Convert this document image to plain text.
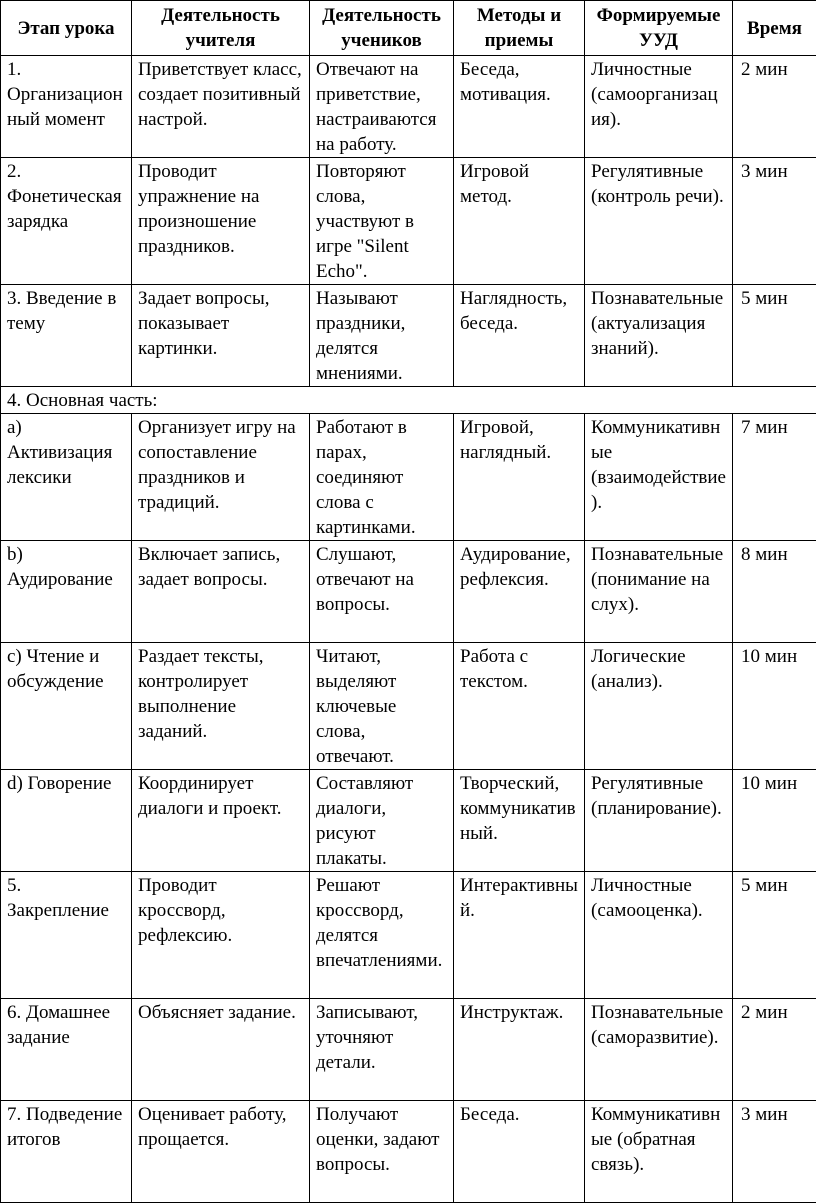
Этап урока	Деятельность учителя	Деятельность учеников	Методы и приемы	Формируемые УУД	Время
1. Организационный момент	Приветствует класс, создает позитивный настрой.	Отвечают на приветствие, настраиваются на работу.	Беседа, мотивация.	Личностные (самоорганизация).	2 мин
2. Фонетическая зарядка	Проводит упражнение на произношение праздников.	Повторяют слова, участвуют в игре "Silent Echo".	Игровой метод.	Регулятивные (контроль речи).	3 мин
3. Введение в тему	Задает вопросы, показывает картинки.	Называют праздники, делятся мнениями.	Наглядность, беседа.	Познавательные (актуализация знаний).	5 мин
4. Основная часть:					
a) Активизация лексики	Организует игру на сопоставление праздников и традиций.	Работают в парах, соединяют слова с картинками.	Игровой, наглядный.	Коммуникативные (взаимодействие).	7 мин
b) Аудирование	Включает запись, задает вопросы.	Слушают, отвечают на вопросы.	Аудирование, рефлексия.	Познавательные (понимание на слух).	8 мин
c) Чтение и обсуждение	Раздает тексты, контролирует выполнение заданий.	Читают, выделяют ключевые слова, отвечают.	Работа с текстом.	Логические (анализ).	10 мин
d) Говорение	Координирует диалоги и проект.	Составляют диалоги, рисуют плакаты.	Творческий, коммуникативный.	Регулятивные (планирование).	10 мин
5. Закрепление	Проводит кроссворд, рефлексию.	Решают кроссворд, делятся впечатлениями.	Интерактивный.	Личностные (самооценка).	5 мин
6. Домашнее задание	Объясняет задание.	Записывают, уточняют детали.	Инструктаж.	Познавательные (саморазвитие).	2 мин
7. Подведение итогов	Оценивает работу, прощается.	Получают оценки, задают вопросы.	Беседа.	Коммуникативные (обратная связь).	3 мин
